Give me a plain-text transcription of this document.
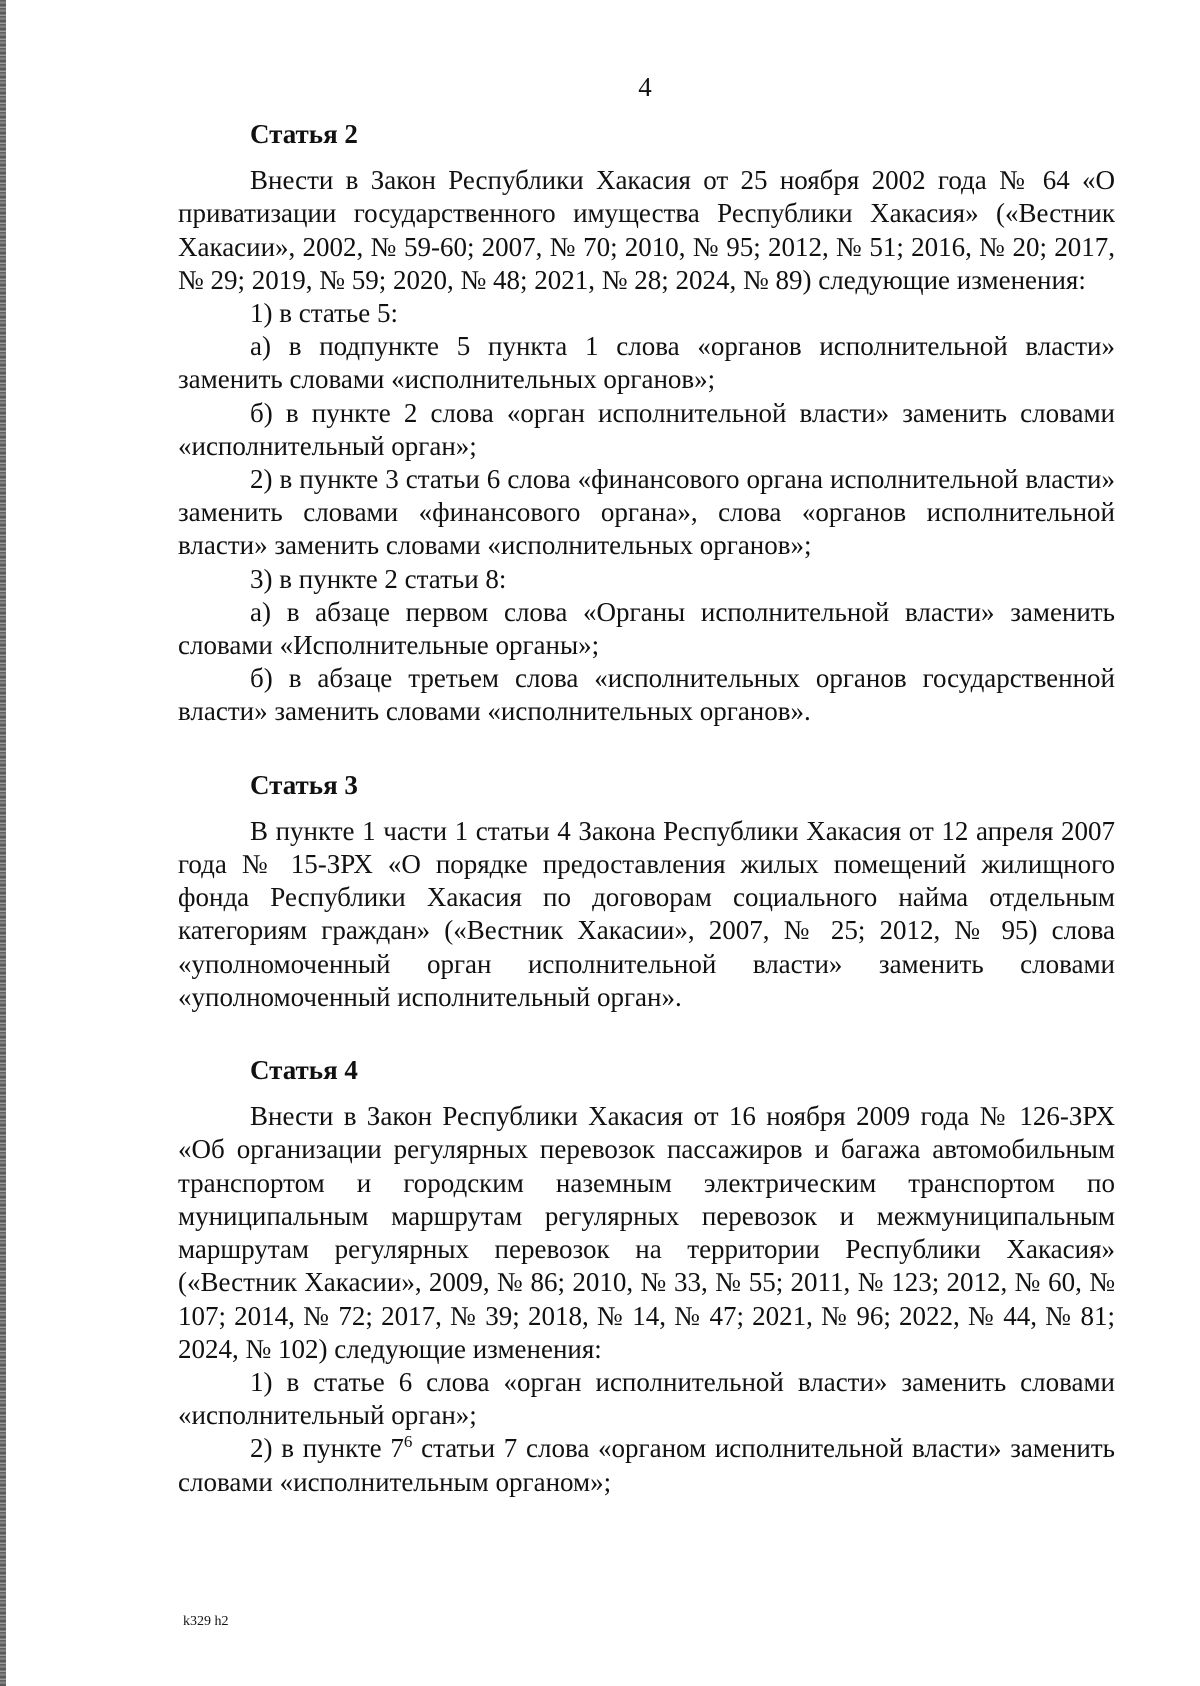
4

Статья 2

Внести в Закон Республики Хакасия от 25 ноября 2002 года № 64 «О приватизации государственного имущества Республики Хакасия» («Вестник Хакасии», 2002, № 59-60; 2007, № 70; 2010, № 95; 2012, № 51; 2016, № 20; 2017, № 29; 2019, № 59; 2020, № 48; 2021, № 28; 2024, № 89) следующие изменения:

1) в статье 5:

а) в подпункте 5 пункта 1 слова «органов исполнительной власти» заменить словами «исполнительных органов»;

б) в пункте 2 слова «орган исполнительной власти» заменить словами «исполнительный орган»;

2) в пункте 3 статьи 6 слова «финансового органа исполнительной власти» заменить словами «финансового органа», слова «органов исполнительной власти» заменить словами «исполнительных органов»;

3) в пункте 2 статьи 8:

а) в абзаце первом слова «Органы исполнительной власти» заменить словами «Исполнительные органы»;

б) в абзаце третьем слова «исполнительных органов государственной власти» заменить словами «исполнительных органов».

Статья 3

В пункте 1 части 1 статьи 4 Закона Республики Хакасия от 12 апреля 2007 года № 15-ЗРХ «О порядке предоставления жилых помещений жилищного фонда Республики Хакасия по договорам социального найма отдельным категориям граждан» («Вестник Хакасии», 2007, № 25; 2012, № 95) слова «уполномоченный орган исполнительной власти» заменить словами «уполномоченный исполнительный орган».

Статья 4

Внести в Закон Республики Хакасия от 16 ноября 2009 года № 126-ЗРХ «Об организации регулярных перевозок пассажиров и багажа автомобильным транспортом и городским наземным электрическим транспортом по муниципальным маршрутам регулярных перевозок и межмуниципальным маршрутам регулярных перевозок на территории Республики Хакасия» («Вестник Хакасии», 2009, № 86; 2010, № 33, № 55; 2011, № 123; 2012, № 60, № 107; 2014, № 72; 2017, № 39; 2018, № 14, № 47; 2021, № 96; 2022, № 44, № 81; 2024, № 102) следующие изменения:

1) в статье 6 слова «орган исполнительной власти» заменить словами «исполнительный орган»;

2) в пункте $7^6$ статьи 7 слова «органом исполнительной власти» заменить словами «исполнительным органом»;

k329 h2
